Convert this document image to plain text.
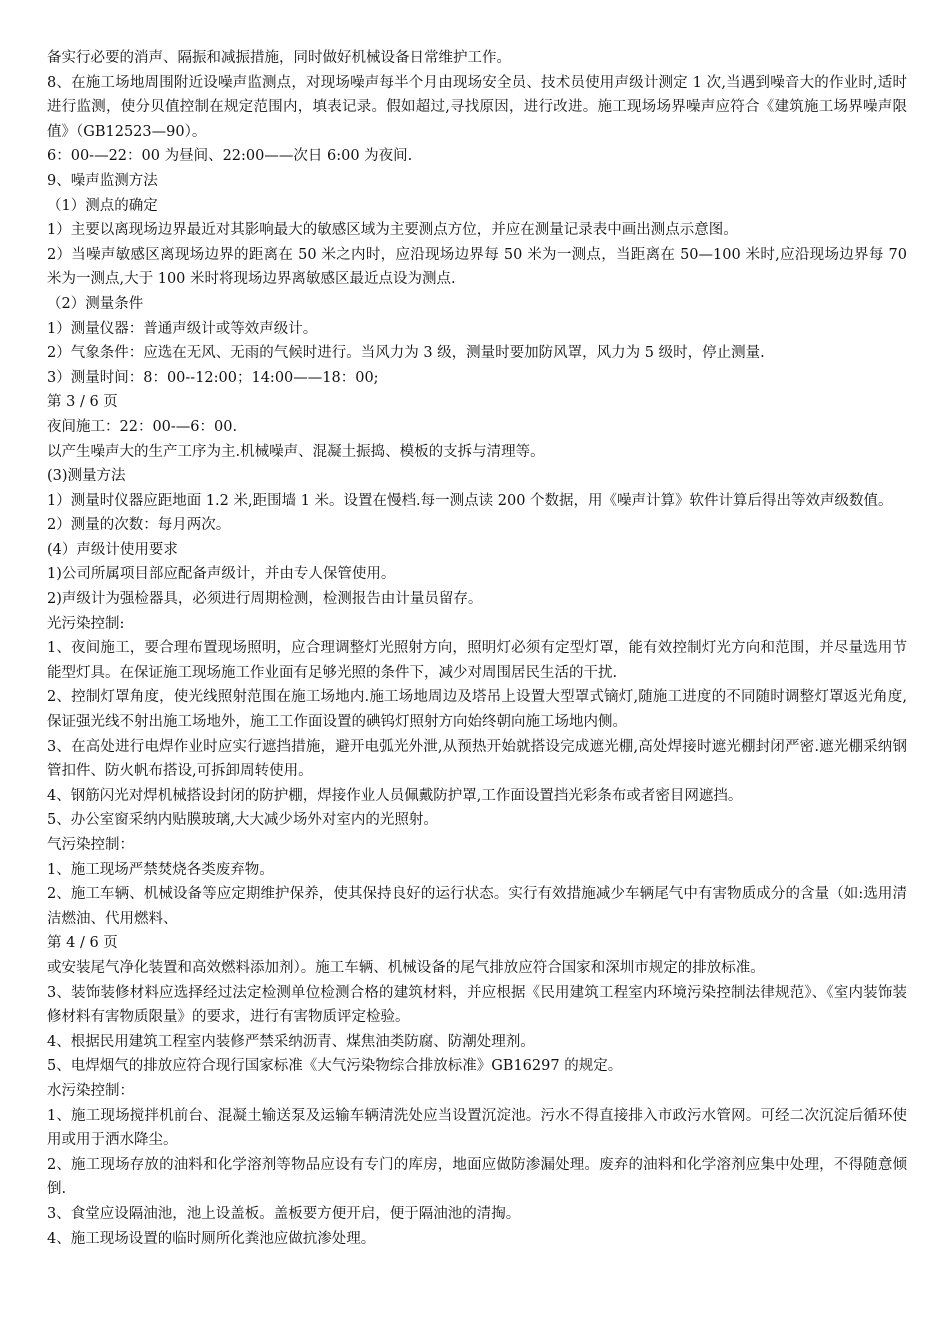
备实行必要的消声、隔振和减振措施，同时做好机械设备日常维护工作。

8、在施工场地周围附近设噪声监测点，对现场噪声每半个月由现场安全员、技术员使用声级计测定 1 次,当遇到噪音大的作业时,适时进行监测，使分贝值控制在规定范围内，填表记录。假如超过,寻找原因，进行改进。施工现场场界噪声应符合《建筑施工场界噪声限值》（GB12523—90）。

6：00-—22：00 为昼间、22:00——次日 6:00 为夜间.

9、噪声监测方法

（1）测点的确定

1）主要以离现场边界最近对其影响最大的敏感区域为主要测点方位，并应在测量记录表中画出测点示意图。

2）当噪声敏感区离现场边界的距离在 50 米之内时，应沿现场边界每 50 米为一测点，当距离在 50—100 米时,应沿现场边界每 70 米为一测点,大于 100 米时将现场边界离敏感区最近点设为测点.

（2）测量条件

1）测量仪器：普通声级计或等效声级计。

2）气象条件：应选在无风、无雨的气候时进行。当风力为 3 级，测量时要加防风罩，风力为 5 级时，停止测量.

3）测量时间：8：00--12:00；14:00——18：00;

第 3 / 6 页

夜间施工：22：00-—6：00.

以产生噪声大的生产工序为主.机械噪声、混凝土振捣、模板的支拆与清理等。

(3)测量方法

1）测量时仪器应距地面 1.2 米,距围墙 1 米。设置在慢档.每一测点读 200 个数据，用《噪声计算》软件计算后得出等效声级数值。

2）测量的次数：每月两次。

(4）声级计使用要求

1)公司所属项目部应配备声级计，并由专人保管使用。

2)声级计为强检器具，必须进行周期检测，检测报告由计量员留存。

光污染控制:

1、夜间施工，要合理布置现场照明，应合理调整灯光照射方向，照明灯必须有定型灯罩，能有效控制灯光方向和范围，并尽量选用节能型灯具。在保证施工现场施工作业面有足够光照的条件下，减少对周围居民生活的干扰.

2、控制灯罩角度，使光线照射范围在施工场地内.施工场地周边及塔吊上设置大型罩式镝灯,随施工进度的不同随时调整灯罩返光角度,保证强光线不射出施工场地外，施工工作面设置的碘钨灯照射方向始终朝向施工场地内侧。

3、在高处进行电焊作业时应实行遮挡措施，避开电弧光外泄,从预热开始就搭设完成遮光棚,高处焊接时遮光棚封闭严密.遮光棚采纳钢管扣件、防火帆布搭设,可拆卸周转使用。

4、钢筋闪光对焊机械搭设封闭的防护棚，焊接作业人员佩戴防护罩,工作面设置挡光彩条布或者密目网遮挡。

5、办公室窗采纳内贴膜玻璃,大大减少场外对室内的光照射。

气污染控制：

1、施工现场严禁焚烧各类废弃物。

2、施工车辆、机械设备等应定期维护保养，使其保持良好的运行状态。实行有效措施减少车辆尾气中有害物质成分的含量（如:选用清洁燃油、代用燃料、

第 4 / 6 页

或安装尾气净化装置和高效燃料添加剂）。施工车辆、机械设备的尾气排放应符合国家和深圳市规定的排放标准。

3、装饰装修材料应选择经过法定检测单位检测合格的建筑材料，并应根据《民用建筑工程室内环境污染控制法律规范》、《室内装饰装修材料有害物质限量》的要求，进行有害物质评定检验。

4、根据民用建筑工程室内装修严禁采纳沥青、煤焦油类防腐、防潮处理剂。

5、电焊烟气的排放应符合现行国家标准《大气污染物综合排放标准》GB16297 的规定。

水污染控制：

1、施工现场搅拌机前台、混凝土输送泵及运输车辆清洗处应当设置沉淀池。污水不得直接排入市政污水管网。可经二次沉淀后循环使用或用于洒水降尘。

2、施工现场存放的油料和化学溶剂等物品应设有专门的库房，地面应做防渗漏处理。废弃的油料和化学溶剂应集中处理，不得随意倾倒.

3、食堂应设隔油池，池上设盖板。盖板要方便开启，便于隔油池的清掏。

4、施工现场设置的临时厕所化粪池应做抗渗处理。
